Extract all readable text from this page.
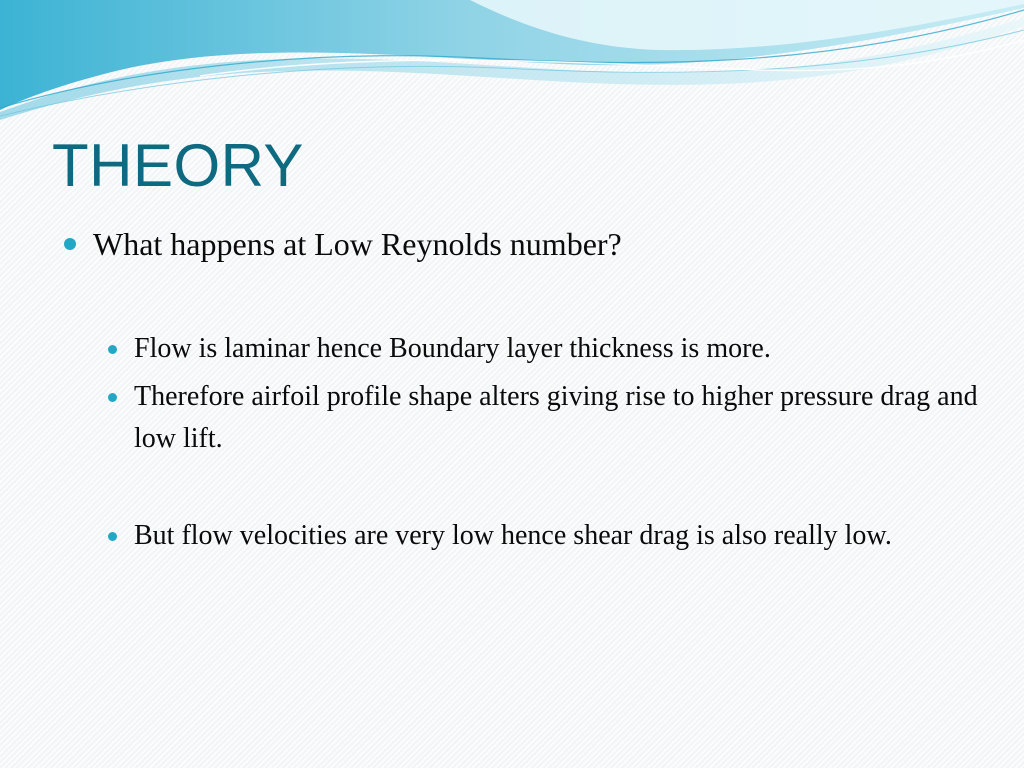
THEORY
What happens at Low Reynolds number?
Flow is laminar hence Boundary layer thickness is more.
Therefore airfoil profile shape alters giving rise to higher pressure drag and low lift.
But flow velocities are very low hence shear drag is also really low.
